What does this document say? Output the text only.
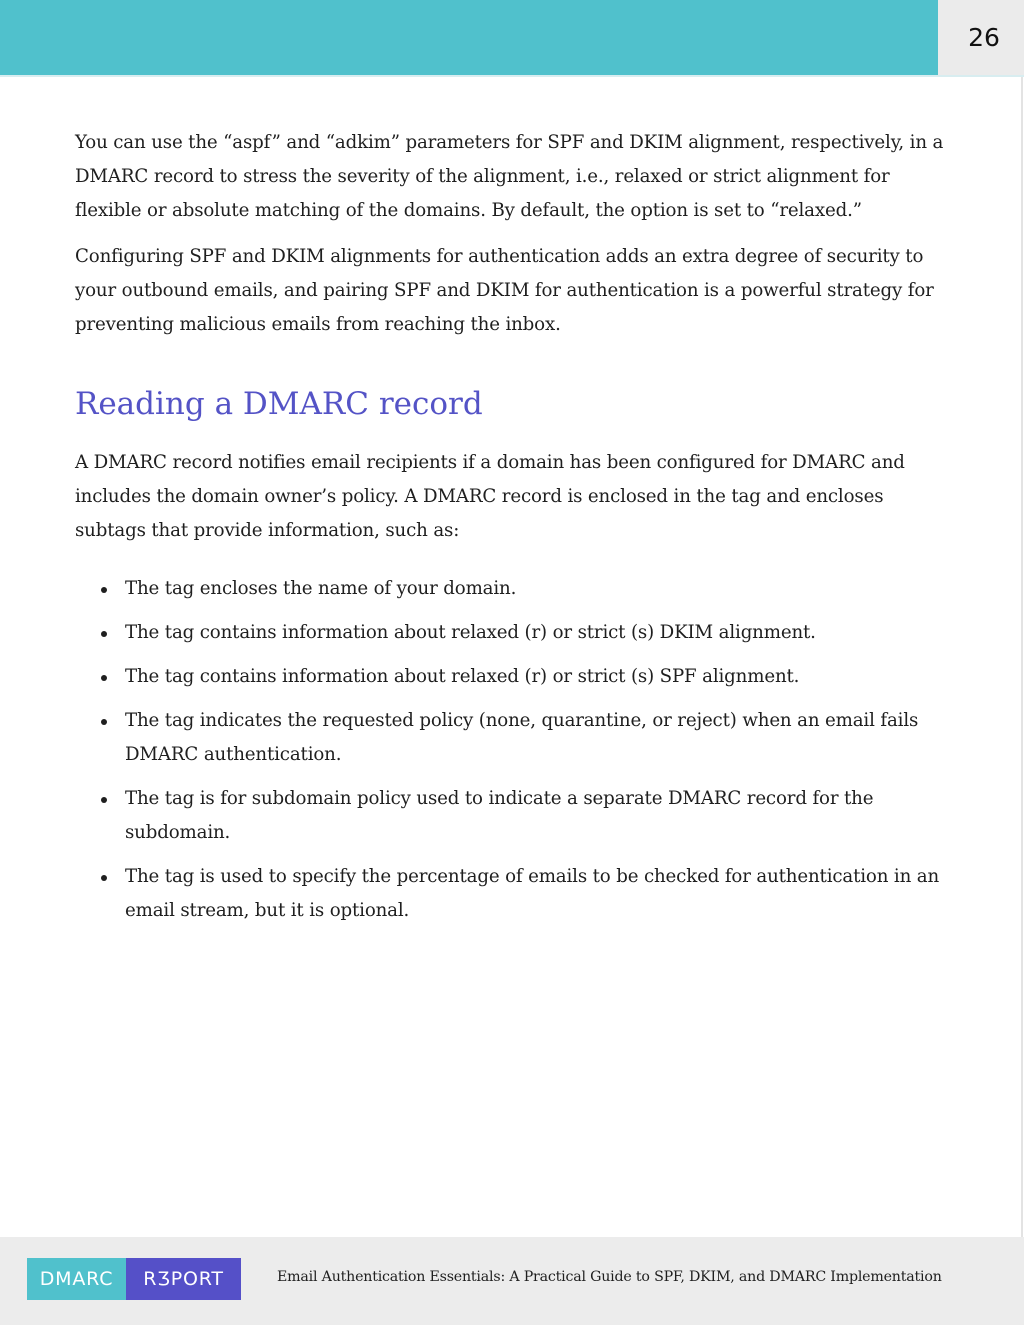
26

You can use the “aspf” and “adkim” parameters for SPF and DKIM alignment, respectively, in a DMARC record to stress the severity of the alignment, i.e., relaxed or strict alignment for flexible or absolute matching of the domains. By default, the option is set to “relaxed.”

Configuring SPF and DKIM alignments for authentication adds an extra degree of security to your outbound emails, and pairing SPF and DKIM for authentication is a powerful strategy for preventing malicious emails from reaching the inbox.

Reading a DMARC record

A DMARC record notifies email recipients if a domain has been configured for DMARC and includes the domain owner’s policy. A DMARC record is enclosed in the tag and encloses subtags that provide information, such as:

The tag encloses the name of your domain.
The tag contains information about relaxed (r) or strict (s) DKIM alignment.
The tag contains information about relaxed (r) or strict (s) SPF alignment.
The tag indicates the requested policy (none, quarantine, or reject) when an email fails DMARC authentication.
The tag is for subdomain policy used to indicate a separate DMARC record for the subdomain.
The tag is used to specify the percentage of emails to be checked for authentication in an email stream, but it is optional.
DMARC RƷPORT	Email Authentication Essentials: A Practical Guide to SPF, DKIM, and DMARC Implementation
